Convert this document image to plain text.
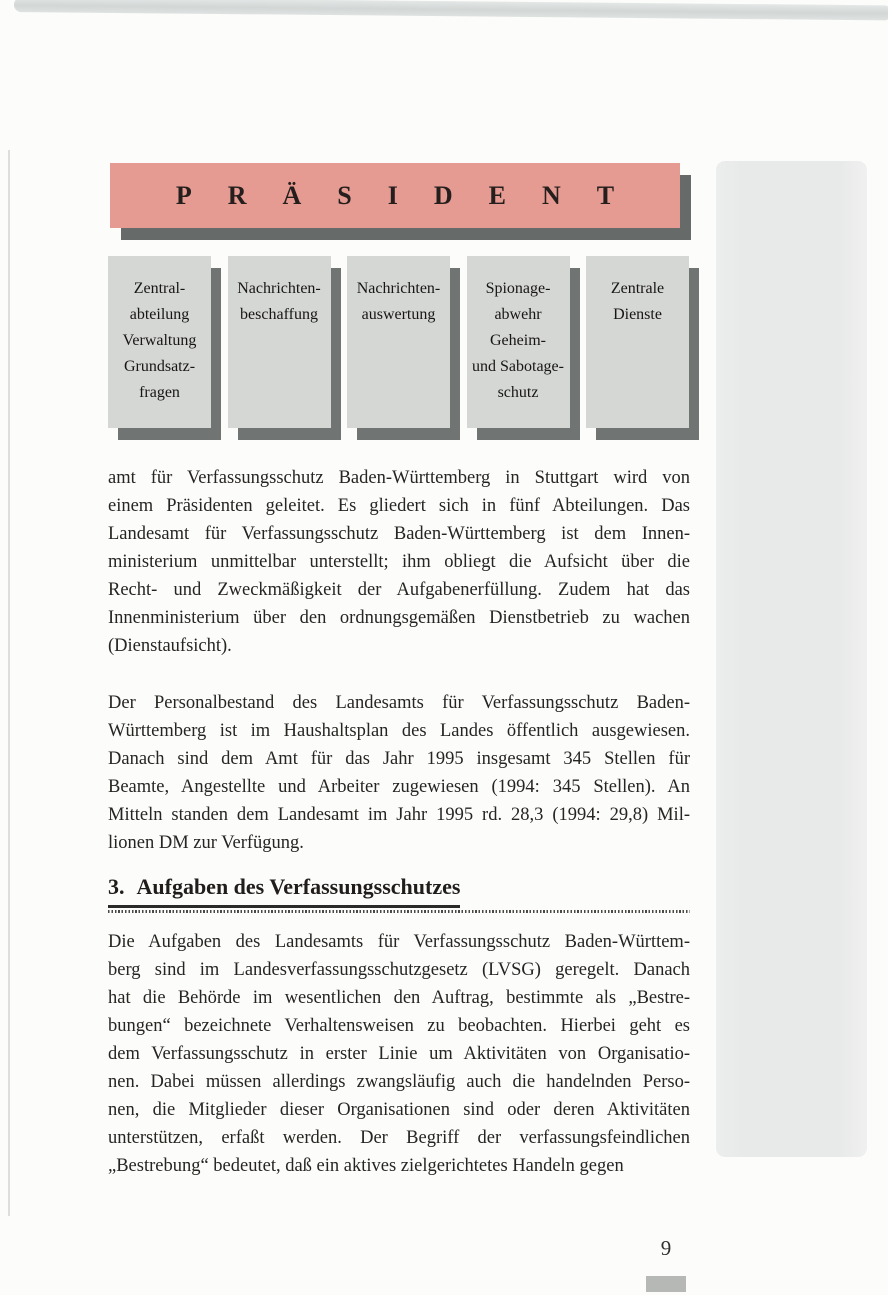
PRÄSIDENT
Zentral-
abteilung
Verwaltung
Grundsatz-
fragen
Nachrichten-
beschaffung
Nachrichten-
auswertung
Spionage-
abwehr
Geheim-
und Sabotage-
schutz
Zentrale
Dienste
amt für Verfassungsschutz Baden-Württemberg in Stuttgart wird von
einem Präsidenten geleitet. Es gliedert sich in fünf Abteilungen. Das
Landesamt für Verfassungsschutz Baden-Württemberg ist dem Innen-
ministerium unmittelbar unterstellt; ihm obliegt die Aufsicht über die
Recht- und Zweckmäßigkeit der Aufgabenerfüllung. Zudem hat das
Innenministerium über den ordnungsgemäßen Dienstbetrieb zu wachen
(Dienstaufsicht).
Der Personalbestand des Landesamts für Verfassungsschutz Baden-
Württemberg ist im Haushaltsplan des Landes öffentlich ausgewiesen.
Danach sind dem Amt für das Jahr 1995 insgesamt 345 Stellen für
Beamte, Angestellte und Arbeiter zugewiesen (1994: 345 Stellen). An
Mitteln standen dem Landesamt im Jahr 1995 rd. 28,3 (1994: 29,8) Mil-
lionen DM zur Verfügung.
3. Aufgaben des Verfassungsschutzes
Die Aufgaben des Landesamts für Verfassungsschutz Baden-Württem-
berg sind im Landesverfassungsschutzgesetz (LVSG) geregelt. Danach
hat die Behörde im wesentlichen den Auftrag, bestimmte als „Bestre-
bungen“ bezeichnete Verhaltensweisen zu beobachten. Hierbei geht es
dem Verfassungsschutz in erster Linie um Aktivitäten von Organisatio-
nen. Dabei müssen allerdings zwangsläufig auch die handelnden Perso-
nen, die Mitglieder dieser Organisationen sind oder deren Aktivitäten
unterstützen, erfaßt werden. Der Begriff der verfassungsfeindlichen
„Bestrebung“ bedeutet, daß ein aktives zielgerichtetes Handeln gegen
9
